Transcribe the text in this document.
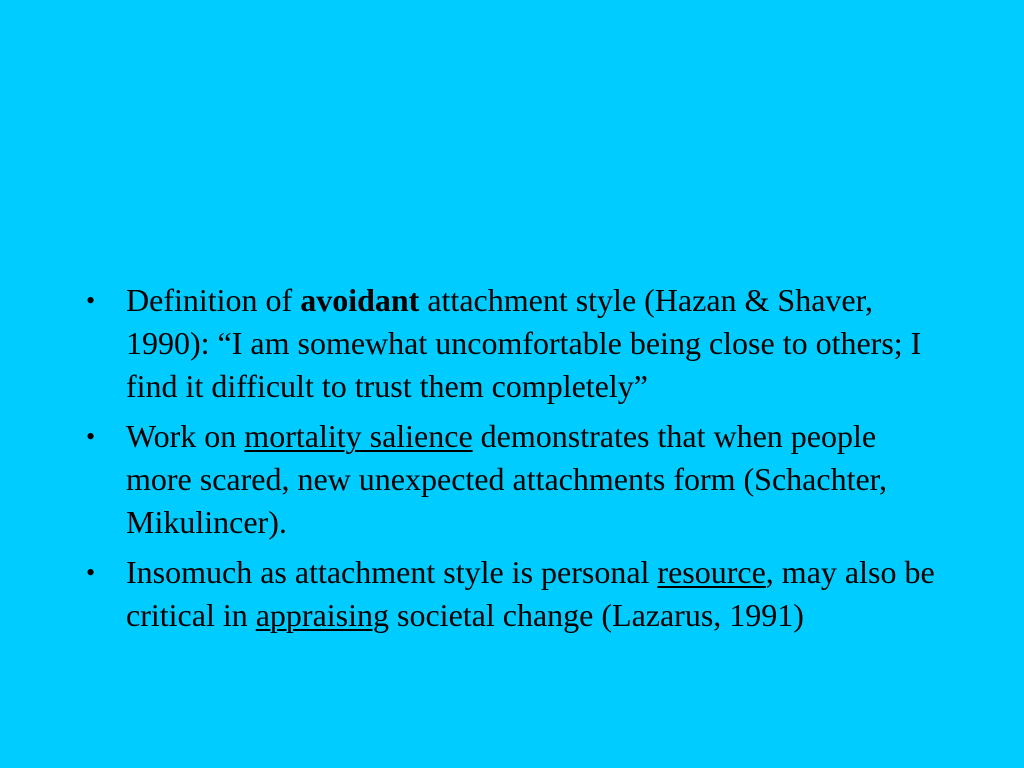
• Definition of avoidant attachment style (Hazan & Shaver, 1990): “I am somewhat uncomfortable being close to others; I find it difficult to trust them completely”
• Work on mortality salience demonstrates that when people more scared, new unexpected attachments form (Schachter, Mikulincer).
• Insomuch as attachment style is personal resource, may also be critical in appraising societal change (Lazarus, 1991)
